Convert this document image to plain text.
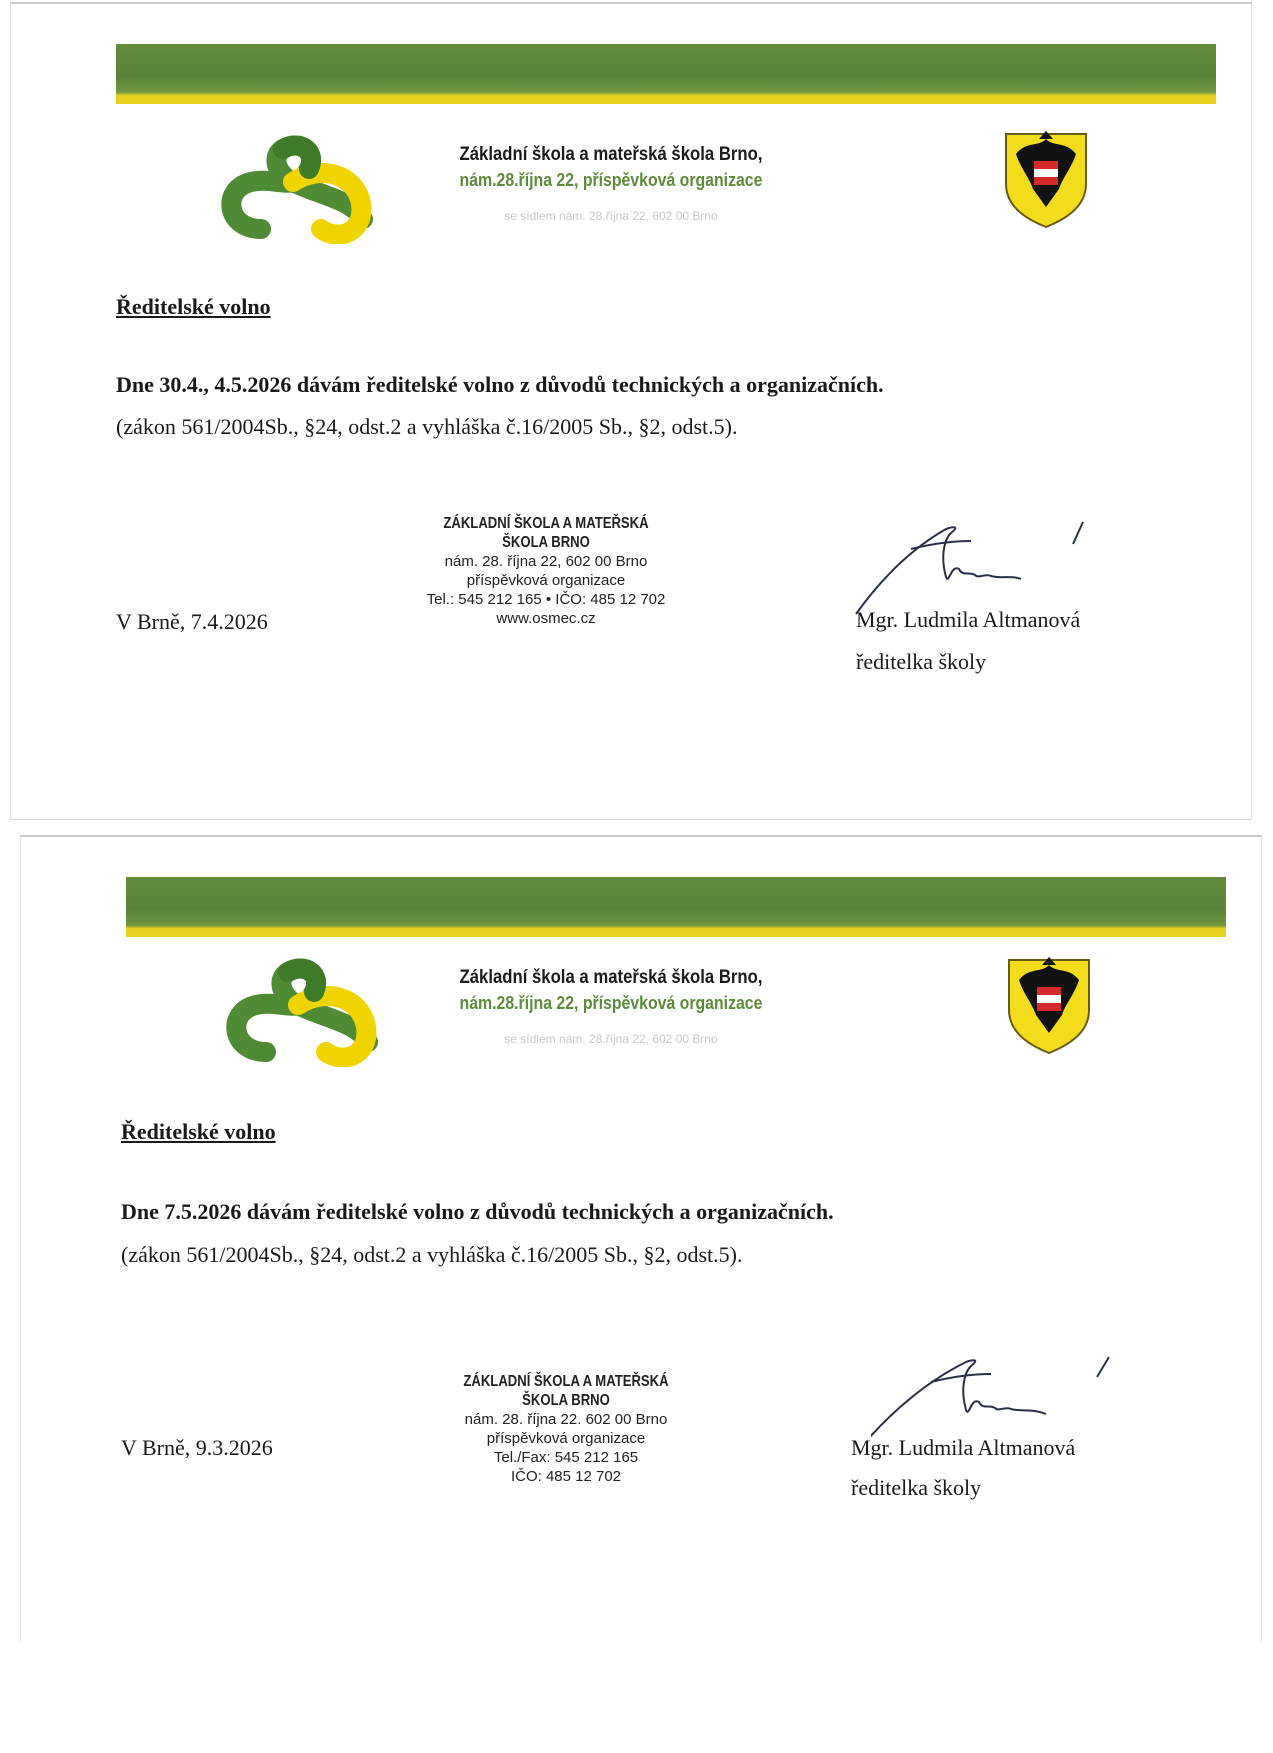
Základní škola a mateřská škola Brno,
nám.28.října 22, příspěvková organizace
se sídlem nám. 28.října 22, 602 00 Brno
Ředitelské volno
Dne 30.4., 4.5.2026 dávám ředitelské volno z důvodů technických a organizačních.
(zákon 561/2004Sb., §24, odst.2 a vyhláška č.16/2005 Sb., §2, odst.5).
ZÁKLADNÍ ŠKOLA A MATEŘSKÁ ŠKOLA BRNO
nám. 28. října 22, 602 00 Brno
příspěvková organizace
Tel.: 545 212 165 • IČO: 485 12 702
www.osmec.cz
V Brně, 7.4.2026	Mgr. Ludmila Altmanová
ředitelka školy
Základní škola a mateřská škola Brno,
nám.28.října 22, příspěvková organizace
se sídlem nám. 28.října 22, 602 00 Brno
Ředitelské volno
Dne 7.5.2026 dávám ředitelské volno z důvodů technických a organizačních.
(zákon 561/2004Sb., §24, odst.2 a vyhláška č.16/2005 Sb., §2, odst.5).
ZÁKLADNÍ ŠKOLA A MATEŘSKÁ ŠKOLA BRNO
nám. 28. října 22. 602 00 Brno
příspěvková organizace
Tel./Fax: 545 212 165
IČO: 485 12 702
V Brně, 9.3.2026	Mgr. Ludmila Altmanová
ředitelka školy
